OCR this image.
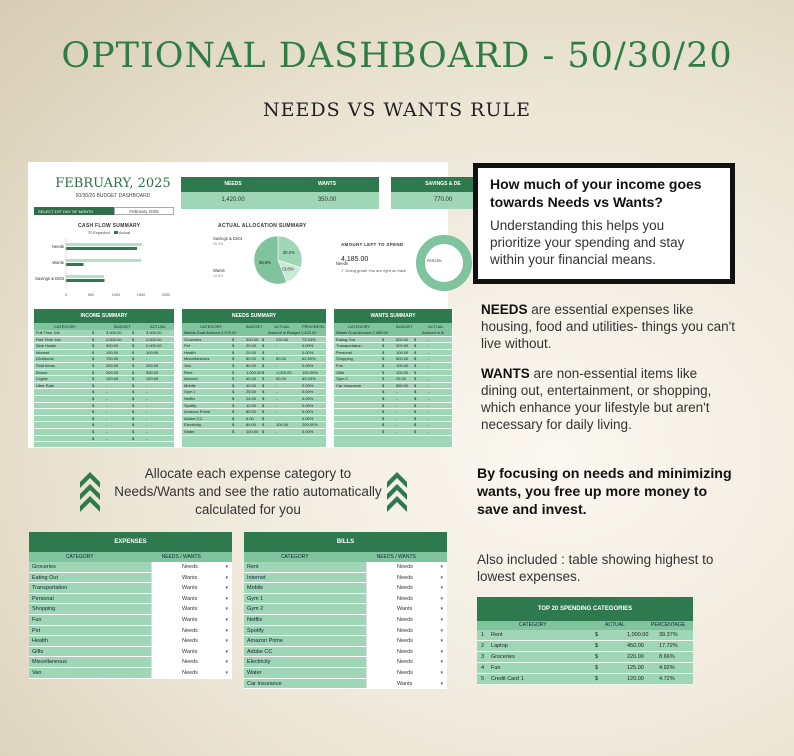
OPTIONAL DASHBOARD - 50/30/20
NEEDS VS WANTS RULE
FEBRUARY, 2025
50/30/20 BUDGET DASHBOARD
SELECT 1ST DAY OF MONTH	February 2025
NEEDS
1,420.00
WANTS
350.00
SAVINGS & DE
770.00
CASH FLOW SUMMARY
Expected Actual
Needs
Wants
Savings & Debt
0	500	1000	1500	2000
ACTUAL ALLOCATION SUMMARY
30.2%
13.8%
55.9%
Savings & Debt
30.2%
Wants
13.8%
Needs
AMOUNT LEFT TO SPEND
4,185.00
✓ Doing great! You are right on track
PERCEN
INCOME SUMMARY
CATEGORY	BUDGET	ACTUAL
Full Time Job	$	3,000.00	$	3,000.00
Part Time Job	$	2,000.00	$	2,000.00
Side Hustle	$	300.00	$	2,000.00
Interest	$	100.00	$	100.00
Dividends	$	700.00	$	-
Sold Items	$	200.00	$	200.00
Bonus	$	200.00	$	300.00
Crypto	$	100.00	$	100.00
Uber Eats	$	-	$	-
$	-	$	-
$	-	$	-
$	-	$	-
$	-	$	-
$	-	$	-
$	-	$	-
$	-	$	-
$	-	$	-
NEEDS SUMMARY
CATEGORY	BUDGET	ACTUAL	PROGRESS
Needs Goal Amount 2,975.00	Amount in Budget 1,420.00
Groceries	$	300.00 $	220.00	73.33%
Pet	$	20.00 $	-	0.00%
Health	$	20.00 $	-	0.00%
Miscellaneous	$	80.00 $	50.00	62.50%
Van	$	80.00 $	-	0.00%
Rent	$	1,000.00 $	1,000.00	100.00%
Internet	$	60.00 $	50.00	83.33%
Mobile	$	40.00 $	-	0.00%
Gym 1	$	25.00 $	-	0.00%
Netflix	$	24.00 $	-	0.00%
Spotify	$	12.00 $	-	0.00%
Amazon Prime	$	80.00 $	-	0.00%
Adobe CC	$	6.00 $	-	0.00%
Electricity	$	80.00 $	100.00	200.00%
Water	$	100.00 $	-	0.00%
WANTS SUMMARY
CATEGORY	BUDGET	ACTUAL
Wants Goal Amount 2,085.00	Amount in B
Eating Out	$	500.00 $	-
Transportation	$	300.00 $	-
Personal	$	100.00 $	-
Shopping	$	500.00 $	-
Fun	$	100.00 $	-
Gifts	$	100.00 $	-
Gym 2	$	25.00 $	-
Car Insurance	$	850.00 $	-
$	-	$	-
$	-	$	-
$	-	$	-
$	-	$	-
$	-	$	-
$	-	$	-
$	-	$	-
How much of your income goes towards Needs vs Wants?
Understanding this helps you prioritize your spending and stay within your financial means.
NEEDS are essential expenses like housing, food and utilities- things you can't live without.
WANTS are non-essential items like dining out, entertainment, or shopping, which enhance your lifestyle but aren't necessary for daily living.
By focusing on needs and minimizing wants, you free up more money to save and invest.
Also included : table showing highest to lowest expenses.
Allocate each expense category to Needs/Wants and see the ratio automatically calculated for you
EXPENSES
CATEGORY	NEEDS / WANTS
Groceries	Needs ▾
Eating Out	Wants ▾
Transportation	Wants ▾
Personal	Wants ▾
Shopping	Wants ▾
Fun	Wants ▾
Pet	Needs ▾
Health	Needs ▾
Gifts	Wants ▾
Miscellaneous	Needs ▾
Van	Needs ▾
BILLS
CATEGORY	NEEDS / WANTS
Rent	Needs ▾
Internet	Needs ▾
Mobile	Needs ▾
Gym 1	Needs ▾
Gym 2	Wants ▾
Netflix	Needs ▾
Spotify	Needs ▾
Amazon Prime	Needs ▾
Adobe CC	Needs ▾
Electricity	Needs ▾
Water	Needs ▾
Car Insurance	Wants ▾
TOP 20 SPENDING CATEGORIES
CATEGORY	ACTUAL	PERCENTAGE
1 Rent	$	1,000.00 39.37%
2 Laptop	$	450.00	17.72%
3 Groceries	$	220.00	8.66%
4 Fun	$	125.00	4.92%
5 Credit Card 1	$	120.00	4.72%
